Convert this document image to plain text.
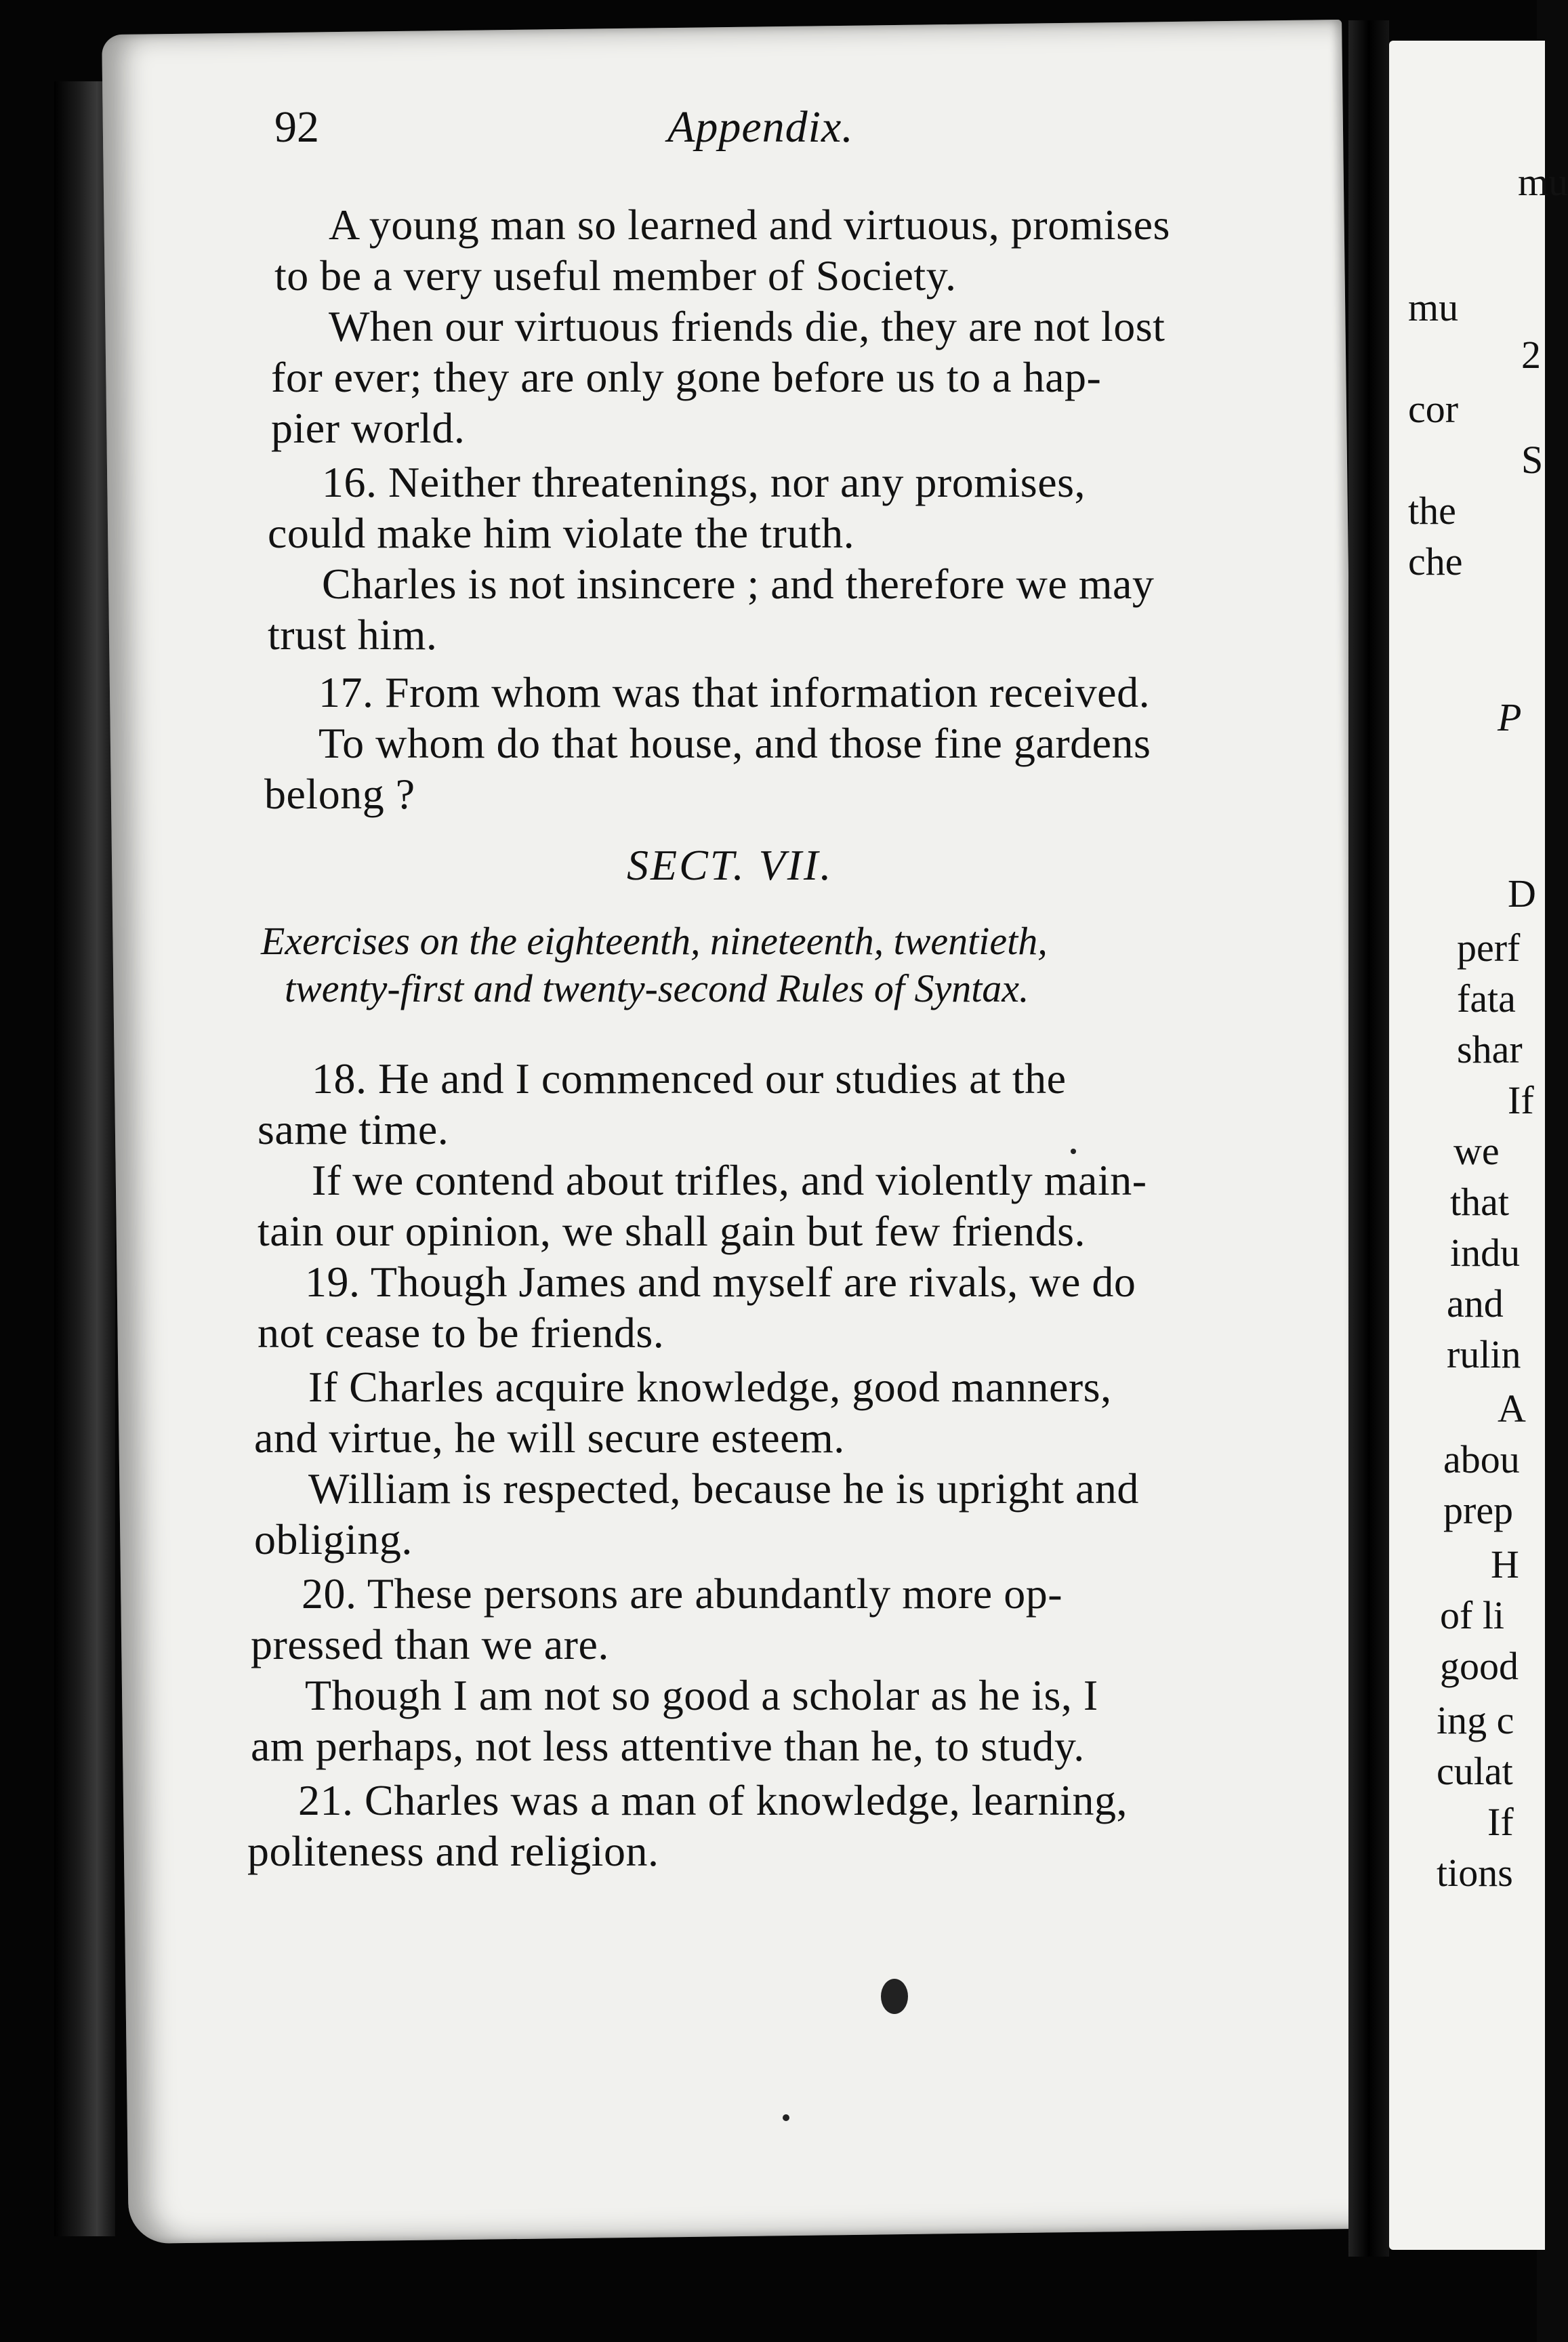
92	Appendix.
A young man so learned and virtuous, promises
to be a very useful member of Society.
When our virtuous friends die, they are not lost
for ever; they are only gone before us to a hap-
pier world.
16. Neither threatenings, nor any promises,
could make him violate the truth.
Charles is not insincere ; and therefore we may
trust him.
17. From whom was that information received.
To whom do that house, and those fine gardens
belong ?
SECT. VII.
Exercises on the eighteenth, nineteenth, twentieth,
twenty-first and twenty-second Rules of Syntax.
18. He and I commenced our studies at the
same time.
If we contend about trifles, and violently main-
tain our opinion, we shall gain but few friends.
19. Though James and myself are rivals, we do
not cease to be friends.
If Charles acquire knowledge, good manners,
and virtue, he will secure esteem.
William is respected, because he is upright and
obliging.
20. These persons are abundantly more op-
pressed than we are.
Though I am not so good a scholar as he is, I
am perhaps, not less attentive than he, to study.
21. Charles was a man of knowledge, learning,
politeness and religion.
mu
mu
2
cor
S
the
che
P
D
perf
fata
shar
If
we
that
indu
and
rulin
A
abou
prep
H
of li
good
ing c
culat
If
tions
